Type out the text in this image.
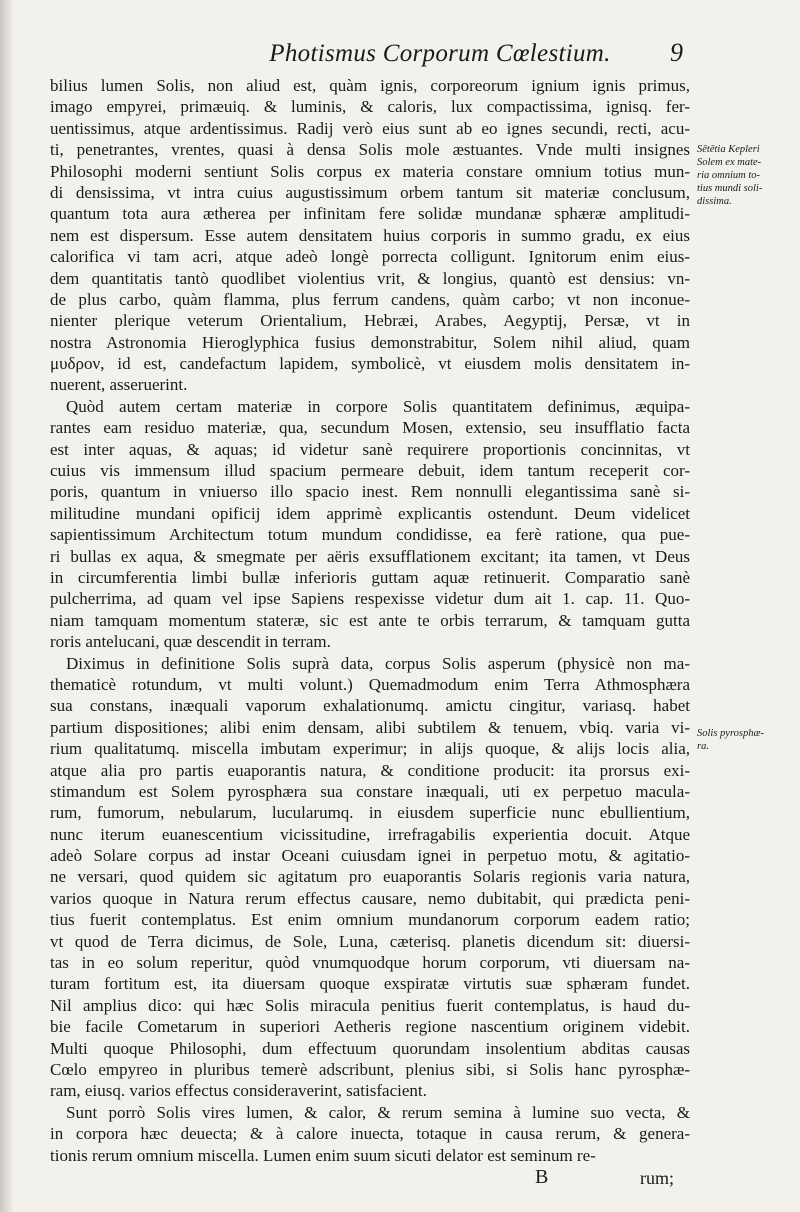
Photismus Corporum Cœlestium.	9
bilius lumen Solis, non aliud est, quàm ignis, corporeorum ignium ignis primus,
imago empyrei, primæuiq. & luminis, & caloris, lux compactissima, ignisq. fer-
uentissimus, atque ardentissimus. Radij verò eius sunt ab eo ignes secundi, recti, acu-
ti, penetrantes, vrentes, quasi à densa Solis mole æstuantes. Vnde multi insignes
Philosophi moderni sentiunt Solis corpus ex materia constare omnium totius mun-
di densissima, vt intra cuius augustissimum orbem tantum sit materiæ conclusum,
quantum tota aura ætherea per infinitam fere solidæ mundanæ sphæræ amplitudi-
nem est dispersum. Esse autem densitatem huius corporis in summo gradu, ex eius
calorifica vi tam acri, atque adeò longè porrecta colligunt. Ignitorum enim eius-
dem quantitatis tantò quodlibet violentius vrit, & longius, quantò est densius: vn-
de plus carbo, quàm flamma, plus ferrum candens, quàm carbo; vt non inconue-
nienter plerique veterum Orientalium, Hebræi, Arabes, Aegyptij, Persæ, vt in
nostra Astronomia Hieroglyphica fusius demonstrabitur, Solem nihil aliud, quam
μυδρον, id est, candefactum lapidem, symbolicè, vt eiusdem molis densitatem in-
nuerent, asseruerint.
Quòd autem certam materiæ in corpore Solis quantitatem definimus, æquipa-
rantes eam residuo materiæ, qua, secundum Mosen, extensio, seu insufflatio facta
est inter aquas, & aquas; id videtur sanè requirere proportionis concinnitas, vt
cuius vis immensum illud spacium permeare debuit, idem tantum receperit cor-
poris, quantum in vniuerso illo spacio inest. Rem nonnulli elegantissima sanè si-
militudine mundani opificij idem apprimè explicantis ostendunt. Deum videlicet
sapientissimum Architectum totum mundum condidisse, ea ferè ratione, qua pue-
ri bullas ex aqua, & smegmate per aëris exsufflationem excitant; ita tamen, vt Deus
in circumferentia limbi bullæ inferioris guttam aquæ retinuerit. Comparatio sanè
pulcherrima, ad quam vel ipse Sapiens respexisse videtur dum ait 1. cap. 11. Quo-
niam tamquam momentum stateræ, sic est ante te orbis terrarum, & tamquam gutta
roris antelucani, quæ descendit in terram.
Diximus in definitione Solis suprà data, corpus Solis asperum (physicè non ma-
thematicè rotundum, vt multi volunt.) Quemadmodum enim Terra Athmosphæra
sua constans, inæquali vaporum exhalationumq. amictu cingitur, variasq. habet
partium dispositiones; alibi enim densam, alibi subtilem & tenuem, vbiq. varia vi-
rium qualitatumq. miscella imbutam experimur; in alijs quoque, & alijs locis alia,
atque alia pro partis euaporantis natura, & conditione producit: ita prorsus exi-
stimandum est Solem pyrosphæra sua constare inæquali, uti ex perpetuo macula-
rum, fumorum, nebularum, lucularumq. in eiusdem superficie nunc ebullientium,
nunc iterum euanescentium vicissitudine, irrefragabilis experientia docuit. Atque
adeò Solare corpus ad instar Oceani cuiusdam ignei in perpetuo motu, & agitatio-
ne versari, quod quidem sic agitatum pro euaporantis Solaris regionis varia natura,
varios quoque in Natura rerum effectus causare, nemo dubitabit, qui prædicta peni-
tius fuerit contemplatus. Est enim omnium mundanorum corporum eadem ratio;
vt quod de Terra dicimus, de Sole, Luna, cæterisq. planetis dicendum sit: diuersi-
tas in eo solum reperitur, quòd vnumquodque horum corporum, vti diuersam na-
turam fortitum est, ita diuersam quoque exspiratæ virtutis suæ sphæram fundet.
Nil amplius dico: qui hæc Solis miracula penitius fuerit contemplatus, is haud du-
bie facile Cometarum in superiori Aetheris regione nascentium originem videbit.
Multi quoque Philosophi, dum effectuum quorundam insolentium abditas causas
Cœlo empyreo in pluribus temerè adscribunt, plenius sibi, si Solis hanc pyrosphæ-
ram, eiusq. varios effectus consideraverint, satisfacient.
Sunt porrò Solis vires lumen, & calor, & rerum semina à lumine suo vecta, &
in corpora hæc deuecta; & à calore inuecta, totaque in causa rerum, & genera-
tionis rerum omnium miscella. Lumen enim suum sicuti delator est seminum re-
Sētētia Kepleri
Solem ex mate-
ria omnium to-
tius mundi soli-
dissima.
Solis pyrosphæ-
ra.
B	rum;
